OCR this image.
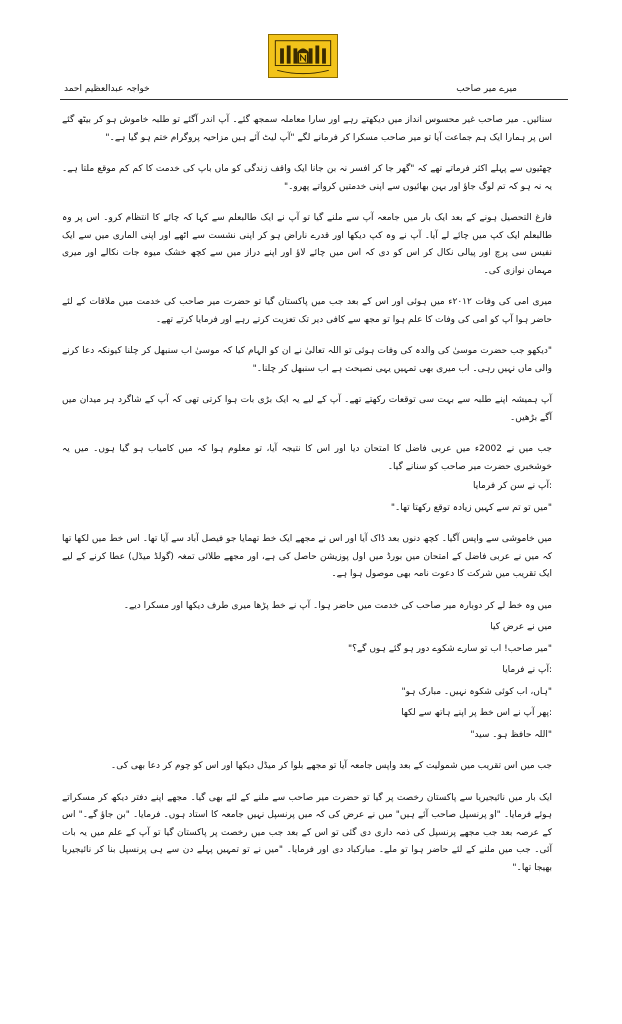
خواجہ عبدالعظیم احمد	میرے میر صاحب

سنائیں۔ میر صاحب غیر محسوس انداز میں دیکھتے رہے اور سارا معاملہ سمجھ گئے۔ آپ اندر آگئے تو طلبہ خاموش ہو کر بیٹھ گئے اس پر ہمارا ایک ہم جماعت آیا تو میر صاحب مسکرا کر فرمانے لگے "آپ لیٹ آئے ہیں مزاحیہ پروگرام ختم ہو گیا ہے۔"

چھٹیوں سے پہلے اکثر فرماتے تھے کہ "گھر جا کر افسر نہ بن جانا ایک واقف زندگی کو ماں باپ کی خدمت کا کم کم موقع ملتا ہے۔ یہ نہ ہو کہ تم لوگ جاؤ اور بہن بھائیوں سے اپنی خدمتیں کرواتے پھرو۔"

فارغ التحصیل ہونے کے بعد ایک بار میں جامعہ آپ سے ملنے گیا تو آپ نے ایک طالبعلم سے کہا کہ چائے کا انتظام کرو۔ اس پر وہ طالبعلم ایک کپ میں چائے لے آیا۔ آپ نے وہ کپ دیکھا اور قدرے ناراض ہو کر اپنی نشست سے اٹھے اور اپنی الماری میں سے ایک نفیس سی پرچ اور پیالی نکال کر اس کو دی کہ اس میں چائے لاؤ اور اپنے دراز میں سے کچھ خشک میوہ جات نکالے اور میری مہمان نوازی کی۔

میری امی کی وفات ۲۰۱۲ء میں ہوئی اور اس کے بعد جب میں پاکستان گیا تو حضرت میر صاحب کی خدمت میں ملاقات کے لئے حاضر ہوا آپ کو امی کی وفات کا علم ہوا تو مجھ سے کافی دیر تک تعزیت کرتے رہے اور فرمایا کرتے تھے۔

"دیکھو جب حضرت موسیٰ کی والدہ کی وفات ہوئی تو اللہ تعالیٰ نے ان کو الہام کیا کہ موسیٰ اب سنبھل کر چلنا کیونکہ دعا کرنے والی ماں نہیں رہی۔ اب میری بھی تمہیں یہی نصیحت ہے اب سنبھل کر چلنا۔"

آپ ہمیشہ اپنے طلبہ سے بہت سی توقعات رکھتے تھے۔ آپ کے لیے یہ ایک بڑی بات ہوا کرتی تھی کہ آپ کے شاگرد ہر میدان میں آگے بڑھیں۔

جب میں نے 2002ء میں عربی فاضل کا امتحان دیا اور اس کا نتیجہ آیا، تو معلوم ہوا کہ میں کامیاب ہو گیا ہوں۔ میں یہ خوشخبری حضرت میر صاحب کو سنانے گیا۔

:آپ نے سن کر فرمایا

"میں تو تم سے کہیں زیادہ توقع رکھتا تھا۔"

میں خاموشی سے واپس آگیا۔ کچھ دنوں بعد ڈاک آیا اور اس نے مجھے ایک خط تھمایا جو فیصل آباد سے آیا تھا۔ اس خط میں لکھا تھا کہ میں نے عربی فاضل کے امتحان میں بورڈ میں اول پوزیشن حاصل کی ہے، اور مجھے طلائی تمغہ (گولڈ میڈل) عطا کرنے کے لیے ایک تقریب میں شرکت کا دعوت نامہ بھی موصول ہوا ہے۔

میں وہ خط لے کر دوبارہ میر صاحب کی خدمت میں حاضر ہوا۔ آپ نے خط پڑھا میری طرف دیکھا اور مسکرا دیے۔

میں نے عرض کیا

"میر صاحب! اب تو سارے شکوے دور ہو گئے ہوں گے؟"

:آپ نے فرمایا

"ہاں، اب کوئی شکوہ نہیں۔ مبارک ہو"

:پھر آپ نے اس خط پر اپنے ہاتھ سے لکھا

"اللہ حافظ ہو۔ سید"

جب میں اس تقریب میں شمولیت کے بعد واپس جامعہ آیا تو مجھے بلوا کر میڈل دیکھا اور اس کو چوم کر دعا بھی کی۔

ایک بار میں نائیجیریا سے پاکستان رخصت پر گیا تو حضرت میر صاحب سے ملنے کے لئے بھی گیا۔ مجھے اپنے دفتر دیکھ کر مسکراتے ہوئے فرمایا۔ "او پرنسپل صاحب آئے ہیں" میں نے عرض کی کہ میں پرنسپل نہیں جامعہ کا استاد ہوں۔ فرمایا۔ "بن جاؤ گے۔" اس کے عرصہ بعد جب مجھے پرنسپل کی ذمہ داری دی گئی تو اس کے بعد جب میں رخصت پر پاکستان گیا تو آپ کے علم میں یہ بات آئی۔ جب میں ملنے کے لئے حاضر ہوا تو ملے۔ مبارکباد دی اور فرمایا۔ "میں نے تو تمہیں پہلے دن سے ہی پرنسپل بنا کر نائیجیریا بھیجا تھا۔"
